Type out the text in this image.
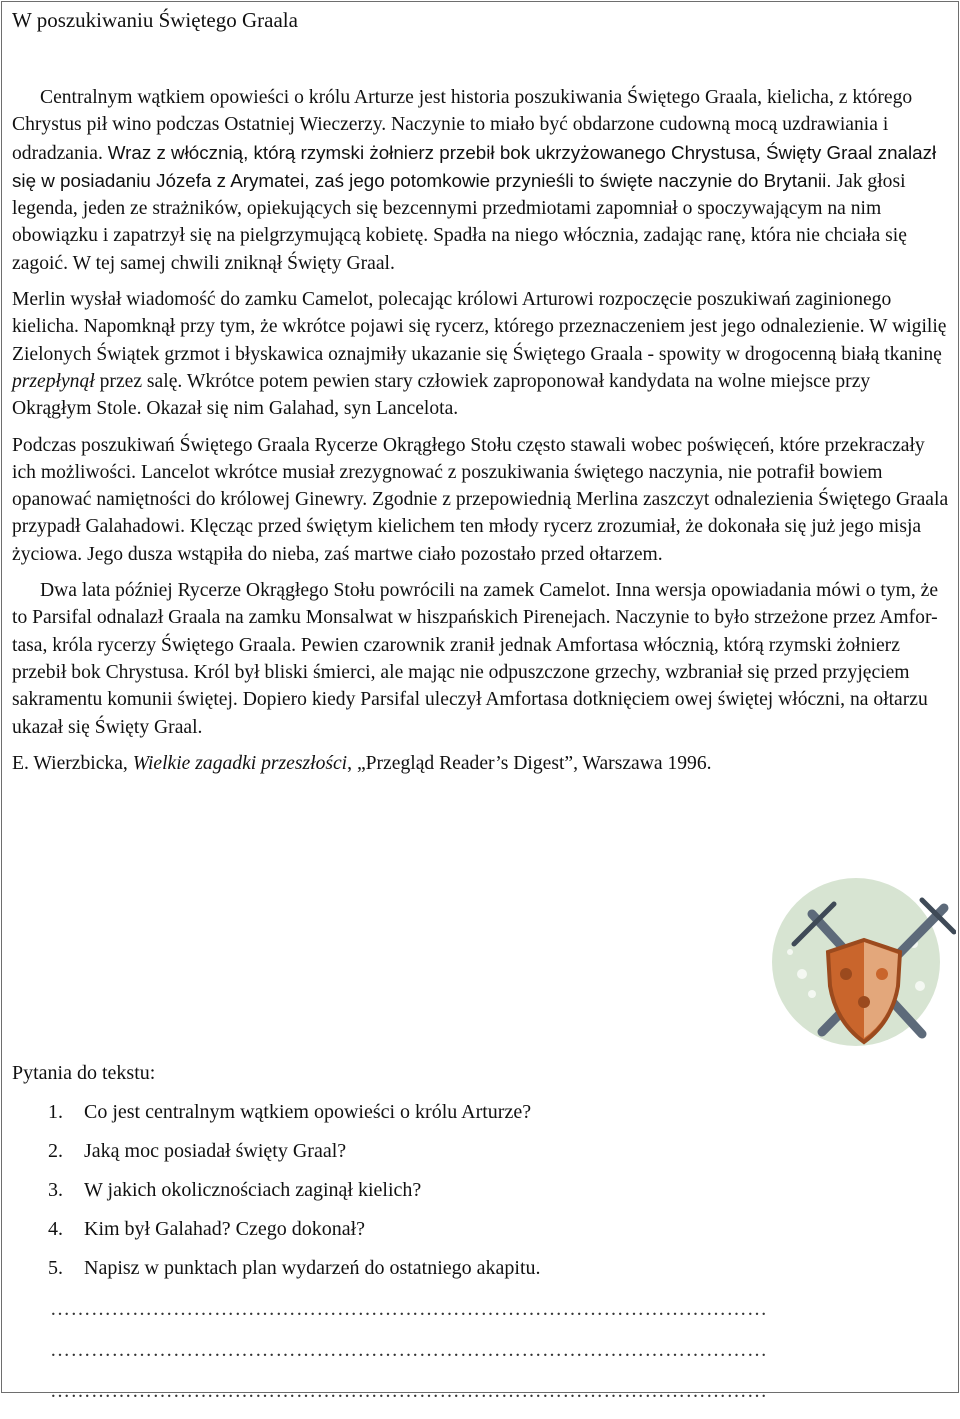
W poszukiwaniu Świętego Graala

Centralnym wątkiem opowieści o królu Arturze jest historia poszukiwania Świętego Graala, kielicha, z którego Chrystus pił wino podczas Ostatniej Wieczerzy. Naczynie to miało być obdarzone cudowną mocą uzdrawiania i odradzania. Wraz z włócznią, którą rzymski żołnierz przebił bok ukrzyżowanego Chrystusa, Święty Graal znalazł się w posiadaniu Józefa z Arymatei, zaś jego potomkowie przynieśli to święte naczynie do Brytanii. Jak głosi legenda, jeden ze strażników, opiekujących się bezcennymi przedmiotami zapomniał o spoczywającym na nim obowiązku i zapatrzył się na pielgrzymującą kobietę. Spadła na niego włócznia, zadając ranę, która nie chciała się zagoić. W tej samej chwili zniknął Święty Graal.

Merlin wysłał wiadomość do zamku Camelot, polecając królowi Arturowi rozpoczęcie poszukiwań zaginionego kielicha. Napomknął przy tym, że wkrótce pojawi się rycerz, którego przeznaczeniem jest jego odnalezienie. W wigilię Zielonych Świątek grzmot i błyskawica oznajmiły ukazanie się Świętego Graala - spowity w drogocenną białą tkaninę przepłynął przez salę. Wkrótce potem pewien stary człowiek zaproponował kandydata na wolne miejsce przy Okrągłym Stole. Okazał się nim Galahad, syn Lancelota.

Podczas poszukiwań Świętego Graala Rycerze Okrągłego Stołu często stawali wobec poświęceń, które przekraczały ich możliwości. Lancelot wkrótce musiał zrezygnować z poszukiwania świętego naczynia, nie potrafił bowiem opanować namiętności do królowej Ginewry. Zgodnie z przepowiednią Merlina zaszczyt odnalezienia Świętego Graala przypadł Galahadowi. Klęcząc przed świętym kielichem ten młody rycerz zrozumiał, że dokonała się już jego misja życiowa. Jego dusza wstąpiła do nieba, zaś martwe ciało pozostało przed ołtarzem.

Dwa lata później Rycerze Okrągłego Stołu powrócili na zamek Camelot. Inna wersja opowiadania mówi o tym, że to Parsifal odnalazł Graala na zamku Monsalwat w hiszpańskich Pirenejach. Naczynie to było strzeżone przez Amfor-tasa, króla rycerzy Świętego Graala. Pewien czarownik zranił jednak Amfortasa włócznią, którą rzymski żołnierz przebił bok Chrystusa. Król był bliski śmierci, ale mając nie odpuszczone grzechy, wzbraniał się przed przyjęciem sakramentu komunii świętej. Dopiero kiedy Parsifal uleczył Amfortasa dotknięciem owej świętej włóczni, na ołtarzu ukazał się Święty Graal.

E. Wierzbicka, Wielkie zagadki przeszłości, „Przegląd Reader’s Digest”, Warszawa 1996.

Pytania do tekstu:

1. Co jest centralnym wątkiem opowieści o królu Arturze?
2. Jaką moc posiadał święty Graal?
3. W jakich okolicznościach zaginął kielich?
4. Kim był Galahad? Czego dokonał?
5. Napisz w punktach plan wydarzeń do ostatniego akapitu.
……………………………………………………………………………………………
……………………………………………………………………………………………
……………………………………………………………………………………………
